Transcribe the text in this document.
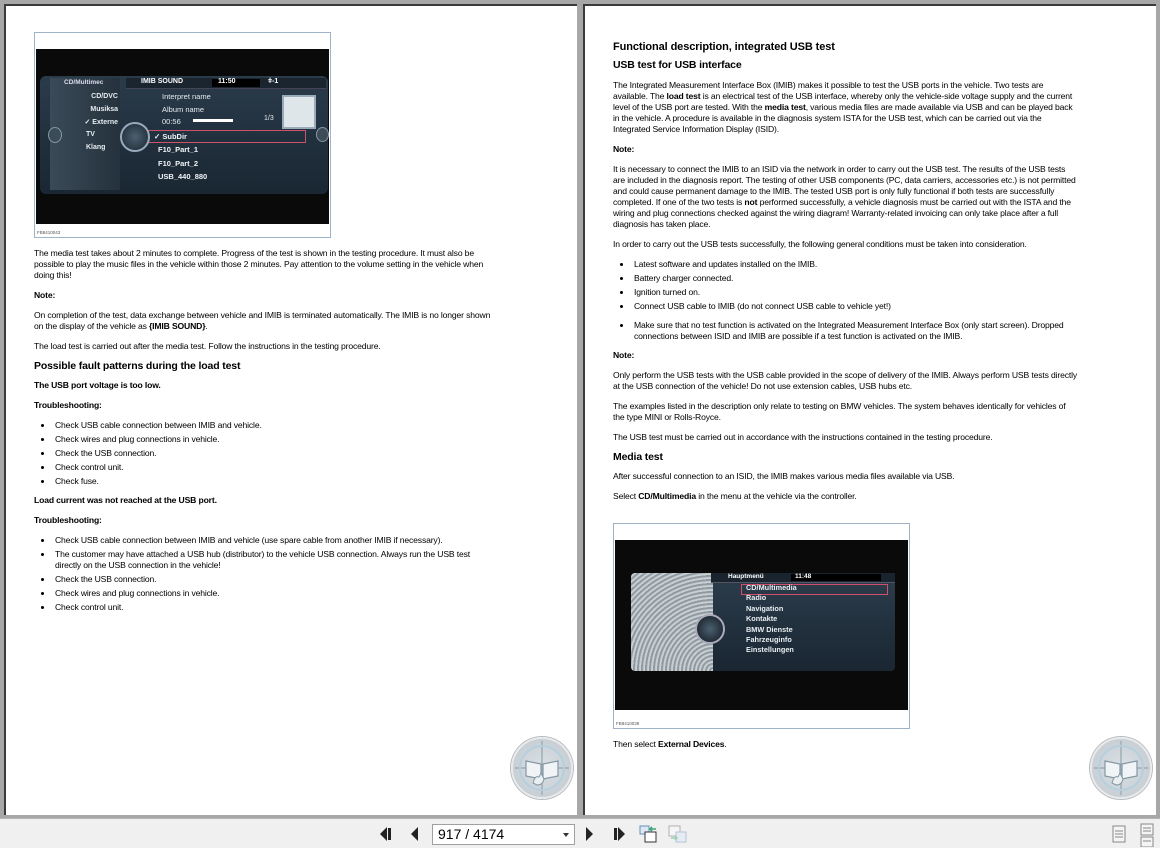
CD/Multimec
CD/DVC
Musiksa
✓ Externe
TV
Klang
IMIB SOUND	11:50	ǂ-1
Interpret name
Album name
00:56	1/3
✓ SubDir
F10_Part_1
F10_Part_2
USB_440_880
FB8410043

The media test takes about 2 minutes to complete. Progress of the test is shown in the testing procedure. It must also be possible to play the music files in the vehicle within those 2 minutes. Pay attention to the volume setting in the vehicle when doing this!

Note:

On completion of the test, data exchange between vehicle and IMIB is terminated automatically. The IMIB is no longer shown on the display of the vehicle as {IMIB SOUND}.

The load test is carried out after the media test. Follow the instructions in the testing procedure.

Possible fault patterns during the load test

The USB port voltage is too low.

Troubleshooting:

Check USB cable connection between IMIB and vehicle.
Check wires and plug connections in vehicle.
Check the USB connection.
Check control unit.
Check fuse.

Load current was not reached at the USB port.

Troubleshooting:

Check USB cable connection between IMIB and vehicle (use spare cable from another IMIB if necessary).
The customer may have attached a USB hub (distributor) to the vehicle USB connection. Always run the USB test directly on the USB connection in the vehicle!
Check the USB connection.
Check wires and plug connections in vehicle.
Check control unit.
Functional description, integrated USB test
USB test for USB interface

The Integrated Measurement Interface Box (IMIB) makes it possible to test the USB ports in the vehicle. Two tests are available. The load test is an electrical test of the USB interface, whereby only the vehicle-side voltage supply and the current level of the USB port are tested. With the media test, various media files are made available via USB and can be played back in the vehicle. A procedure is available in the diagnosis system ISTA for the USB test, which can be carried out via the Integrated Service Information Display (ISID).

Note:

It is necessary to connect the IMIB to an ISID via the network in order to carry out the USB test. The results of the USB tests are included in the diagnosis report. The testing of other USB components (PC, data carriers, accessories etc.) is not permitted and could cause permanent damage to the IMIB. The tested USB port is only fully functional if both tests are successfully completed. If one of the two tests is not performed successfully, a vehicle diagnosis must be carried out with the ISTA and the wiring and plug connections checked against the wiring diagram! Warranty-related invoicing can only take place after a full diagnosis has taken place.

In order to carry out the USB tests successfully, the following general conditions must be taken into consideration.

Latest software and updates installed on the IMIB.
Battery charger connected.
Ignition turned on.
Connect USB cable to IMIB (do not connect USB cable to vehicle yet!)
Make sure that no test function is activated on the Integrated Measurement Interface Box (only start screen). Dropped connections between ISID and IMIB are possible if a test function is activated on the IMIB.

Note:

Only perform the USB tests with the USB cable provided in the scope of delivery of the IMIB. Always perform USB tests directly at the USB connection of the vehicle! Do not use extension cables, USB hubs etc.

The examples listed in the description only relate to testing on BMW vehicles. The system behaves identically for vehicles of the type MINI or Rolls-Royce.

The USB test must be carried out in accordance with the instructions contained in the testing procedure.

Media test

After successful connection to an ISID, the IMIB makes various media files available via USB.

Select CD/Multimedia in the menu at the vehicle via the controller.

Hauptmenü	11:48
CD/Multimedia
Radio
Navigation
Kontakte
BMW Dienste
Fahrzeuginfo
Einstellungen
FB8410038

Then select External Devices.

917 / 4174
